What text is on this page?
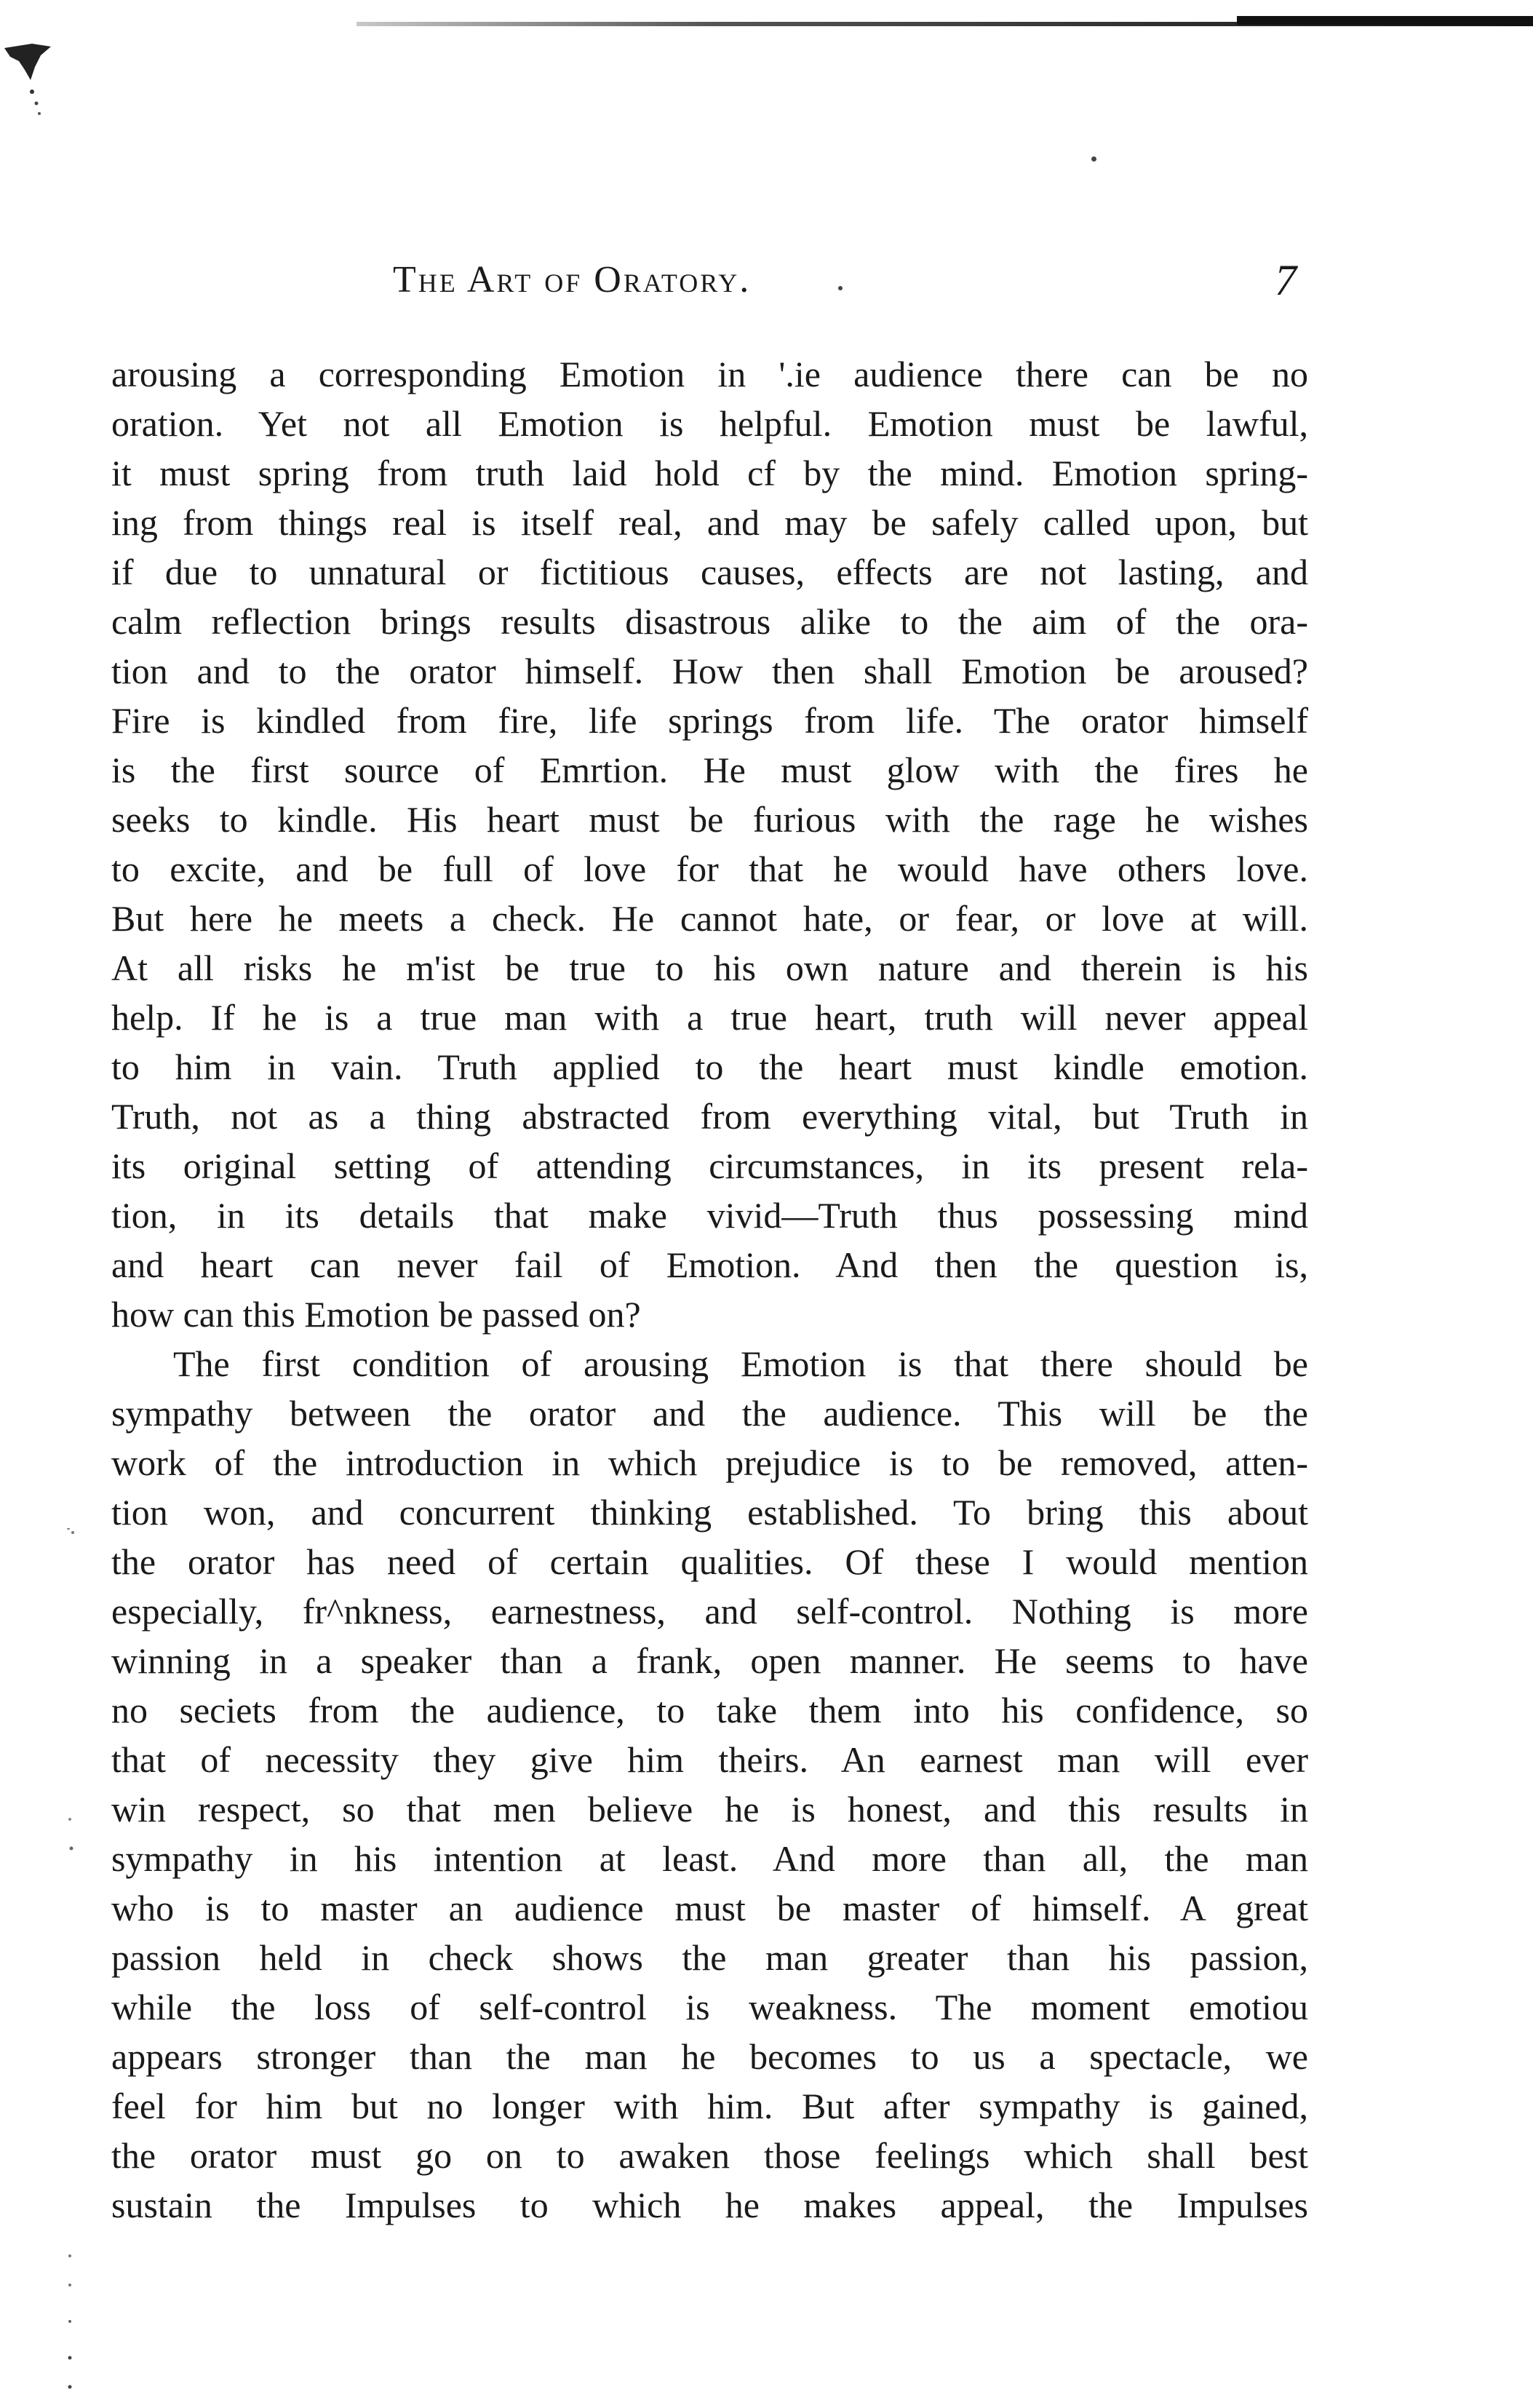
The Art of Oratory.	7
arousing a corresponding Emotion in '.ie audience there can be no
oration. Yet not all Emotion is helpful. Emotion must be lawful,
it must spring from truth laid hold cf by the mind. Emotion spring-
ing from things real is itself real, and may be safely called upon, but
if due to unnatural or fictitious causes, effects are not lasting, and
calm reflection brings results disastrous alike to the aim of the ora-
tion and to the orator himself. How then shall Emotion be aroused?
Fire is kindled from fire, life springs from life. The orator himself
is the first source of Emrtion. He must glow with the fires he
seeks to kindle. His heart must be furious with the rage he wishes
to excite, and be full of love for that he would have others love.
But here he meets a check. He cannot hate, or fear, or love at will.
At all risks he m'ist be true to his own nature and therein is his
help. If he is a true man with a true heart, truth will never appeal
to him in vain. Truth applied to the heart must kindle emotion.
Truth, not as a thing abstracted from everything vital, but Truth in
its original setting of attending circumstances, in its present rela-
tion, in its details that make vivid—Truth thus possessing mind
and heart can never fail of Emotion. And then the question is,
how can this Emotion be passed on?
The first condition of arousing Emotion is that there should be
sympathy between the orator and the audience. This will be the
work of the introduction in which prejudice is to be removed, atten-
tion won, and concurrent thinking established. To bring this about
the orator has need of certain qualities. Of these I would mention
especially, fr^nkness, earnestness, and self-control. Nothing is more
winning in a speaker than a frank, open manner. He seems to have
no seciets from the audience, to take them into his confidence, so
that of necessity they give him theirs. An earnest man will ever
win respect, so that men believe he is honest, and this results in
sympathy in his intention at least. And more than all, the man
who is to master an audience must be master of himself. A great
passion held in check shows the man greater than his passion,
while the loss of self-control is weakness. The moment emotiou
appears stronger than the man he becomes to us a spectacle, we
feel for him but no longer with him. But after sympathy is gained,
the orator must go on to awaken those feelings which shall best
sustain the Impulses to which he makes appeal, the Impulses
